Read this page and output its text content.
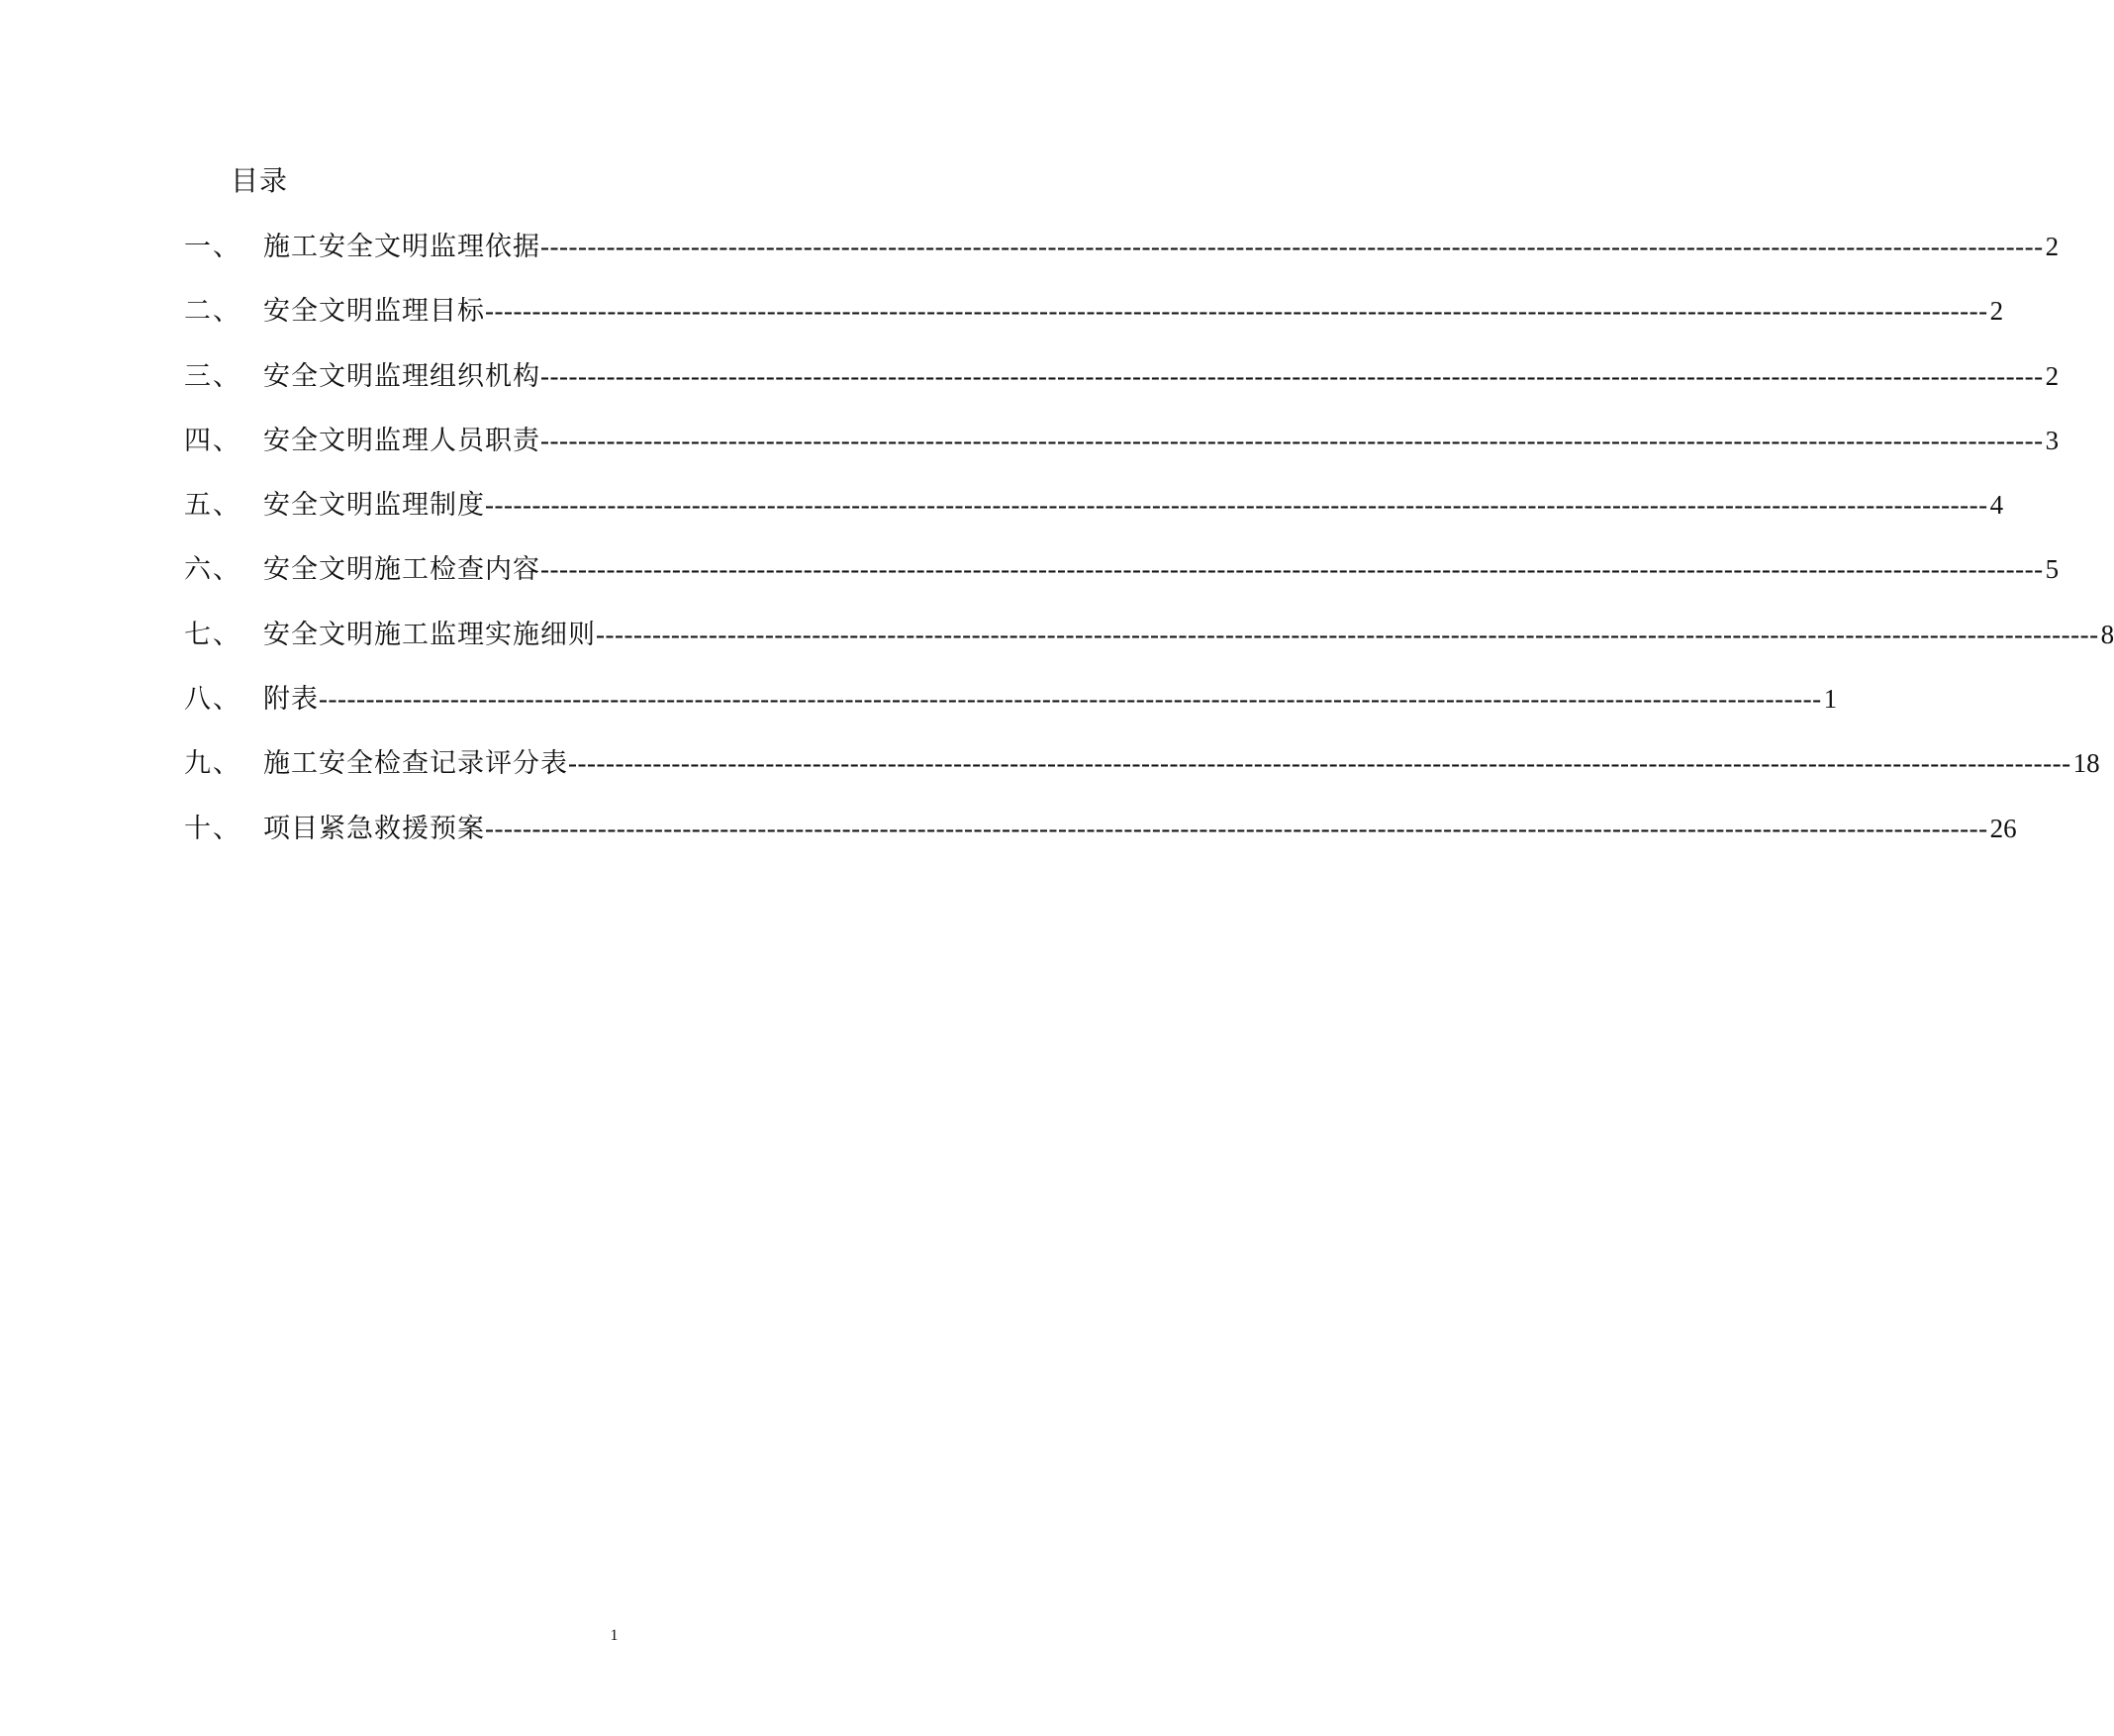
目录
一、 施工安全文明监理依据 ---------------------------------------------------------------------------------------------------------------------------------------------------------------- 2
二、 安全文明监理目标 ---------------------------------------------------------------------------------------------------------------------------------------------------------------- 2
三、 安全文明监理组织机构 ---------------------------------------------------------------------------------------------------------------------------------------------------------------- 2
四、 安全文明监理人员职责 ---------------------------------------------------------------------------------------------------------------------------------------------------------------- 3
五、 安全文明监理制度 ---------------------------------------------------------------------------------------------------------------------------------------------------------------- 4
六、 安全文明施工检查内容 ---------------------------------------------------------------------------------------------------------------------------------------------------------------- 5
七、 安全文明施工监理实施细则 ---------------------------------------------------------------------------------------------------------------------------------------------------------------- 8
八、 附表 ---------------------------------------------------------------------------------------------------------------------------------------------------------------- 1
九、 施工安全检查记录评分表 ---------------------------------------------------------------------------------------------------------------------------------------------------------------- 18
十、 项目紧急救援预案 ---------------------------------------------------------------------------------------------------------------------------------------------------------------- 26
1
